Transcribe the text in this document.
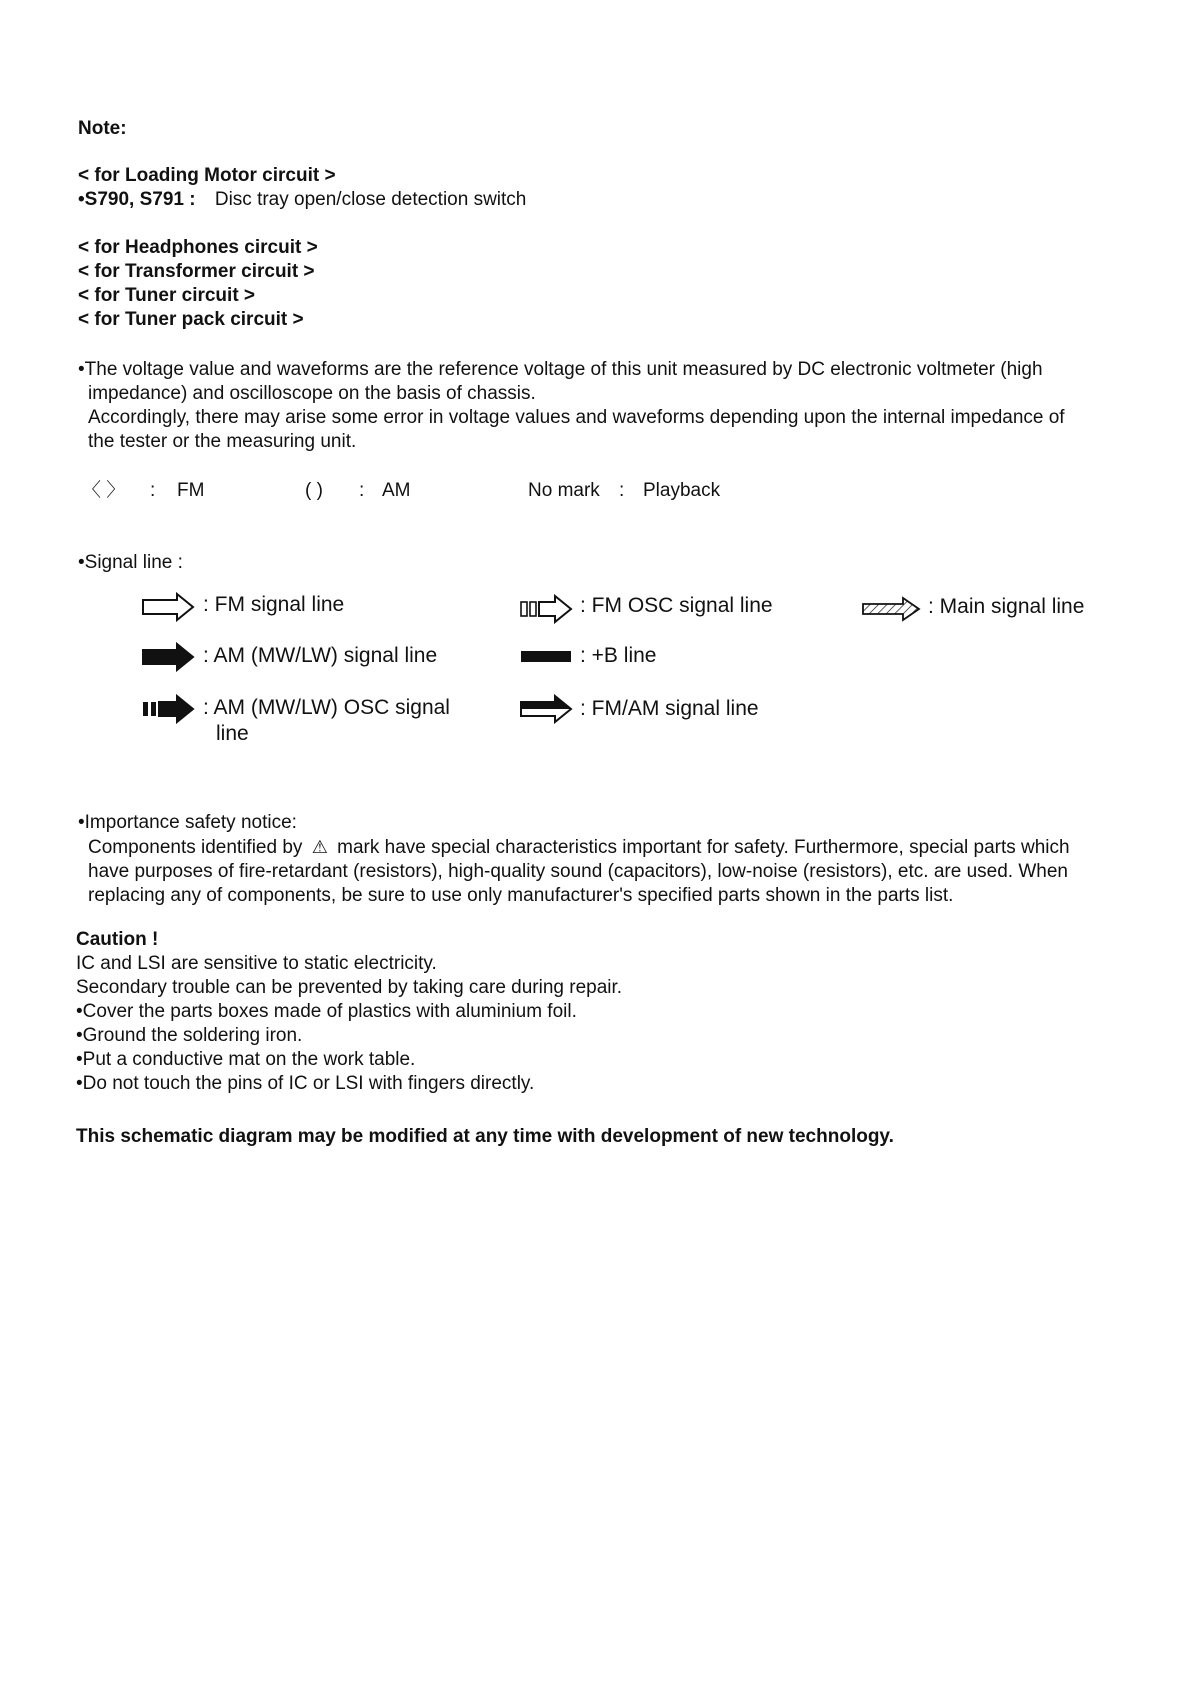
Note:
< for Loading Motor circuit >
•S790, S791 : Disc tray open/close detection switch
< for Headphones circuit >
< for Transformer circuit >
< for Tuner circuit >
< for Tuner pack circuit >
•The voltage value and waveforms are the reference voltage of this unit measured by DC electronic voltmeter (high
impedance) and oscilloscope on the basis of chassis.
Accordingly, there may arise some error in voltage values and waveforms depending upon the internal impedance of
the tester or the measuring unit.
〈 〉 : FM	( ) : AM	No mark : Playback
•Signal line :
: FM signal line	: FM OSC signal line	: Main signal line
: AM (MW/LW) signal line	: +B line
: AM (MW/LW) OSC signal
line
: FM/AM signal line
•Importance safety notice:
Components identified by ⚠ mark have special characteristics important for safety. Furthermore, special parts which
have purposes of fire-retardant (resistors), high-quality sound (capacitors), low-noise (resistors), etc. are used. When
replacing any of components, be sure to use only manufacturer's specified parts shown in the parts list.
Caution !
IC and LSI are sensitive to static electricity.
Secondary trouble can be prevented by taking care during repair.
•Cover the parts boxes made of plastics with aluminium foil.
•Ground the soldering iron.
•Put a conductive mat on the work table.
•Do not touch the pins of IC or LSI with fingers directly.
This schematic diagram may be modified at any time with development of new technology.
